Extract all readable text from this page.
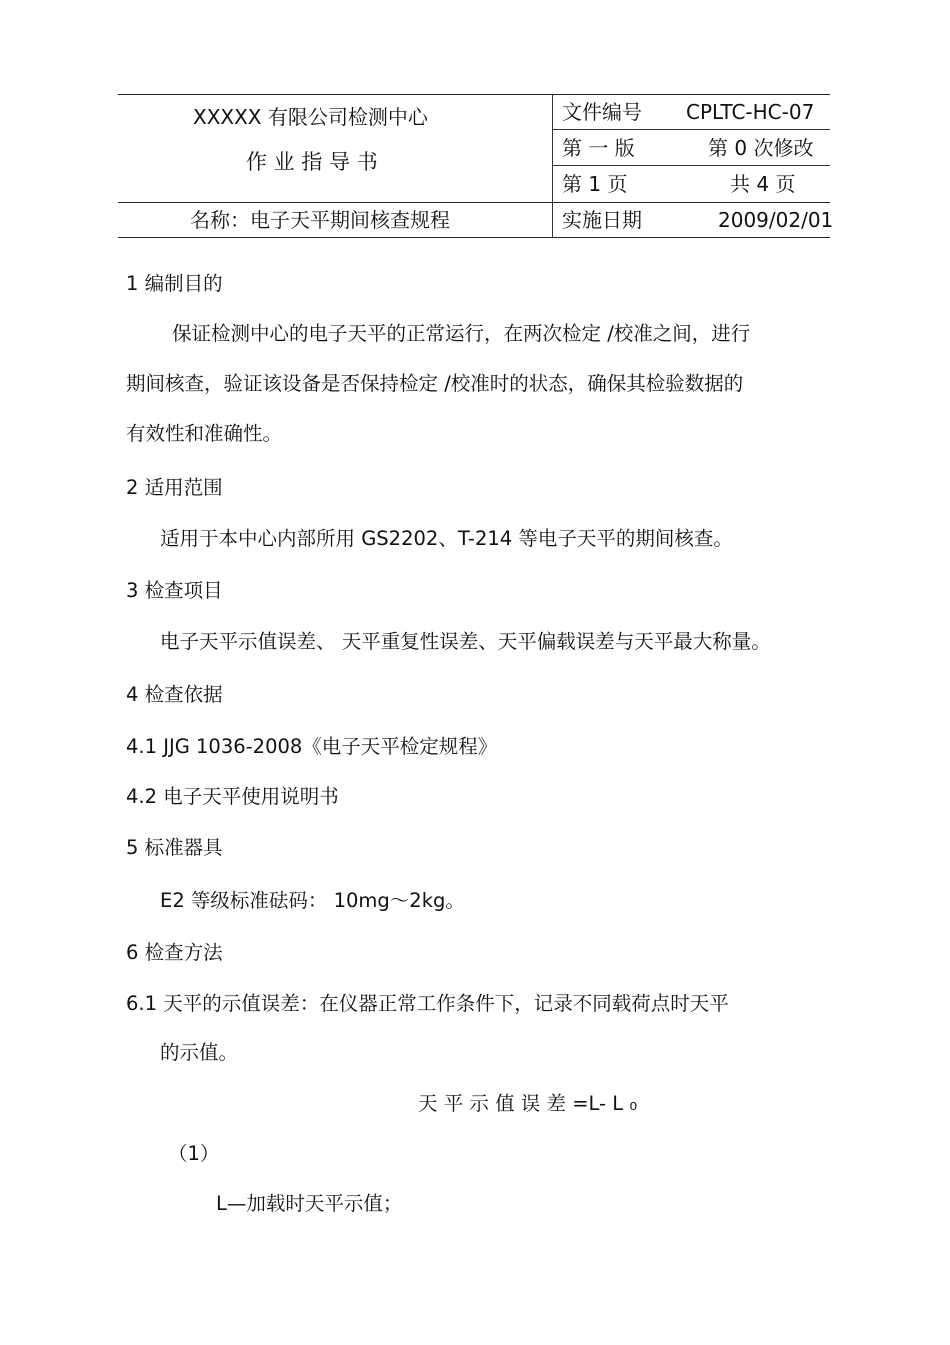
XXXXX 有限公司检测中心
作 业 指 导 书
名称：电子天平期间核查规程
文件编号 CPLTC-HC-07
第 一 版	第 0 次修改
第 1 页	共 4 页
实施日期	2009/02/01
1 编制目的
保证检测中心的电子天平的正常运行，在两次检定 /校准之间，进行
期间核查，验证该设备是否保持检定 /校准时的状态，确保其检验数据的
有效性和准确性。
2 适用范围
适用于本中心内部所用 GS2202、T-214 等电子天平的期间核查。
3 检查项目
电子天平示值误差、 天平重复性误差、天平偏载误差与天平最大称量。
4 检查依据
4.1 JJG 1036-2008《电子天平检定规程》
4.2 电子天平使用说明书
5 标准器具
E2 等级标准砝码： 10mg～2kg。
6 检查方法
6.1 天平的示值误差：在仪器正常工作条件下，记录不同载荷点时天平
的示值。
天 平 示 值 误 差 =L- L ₀
（1）
L—加载时天平示值；
